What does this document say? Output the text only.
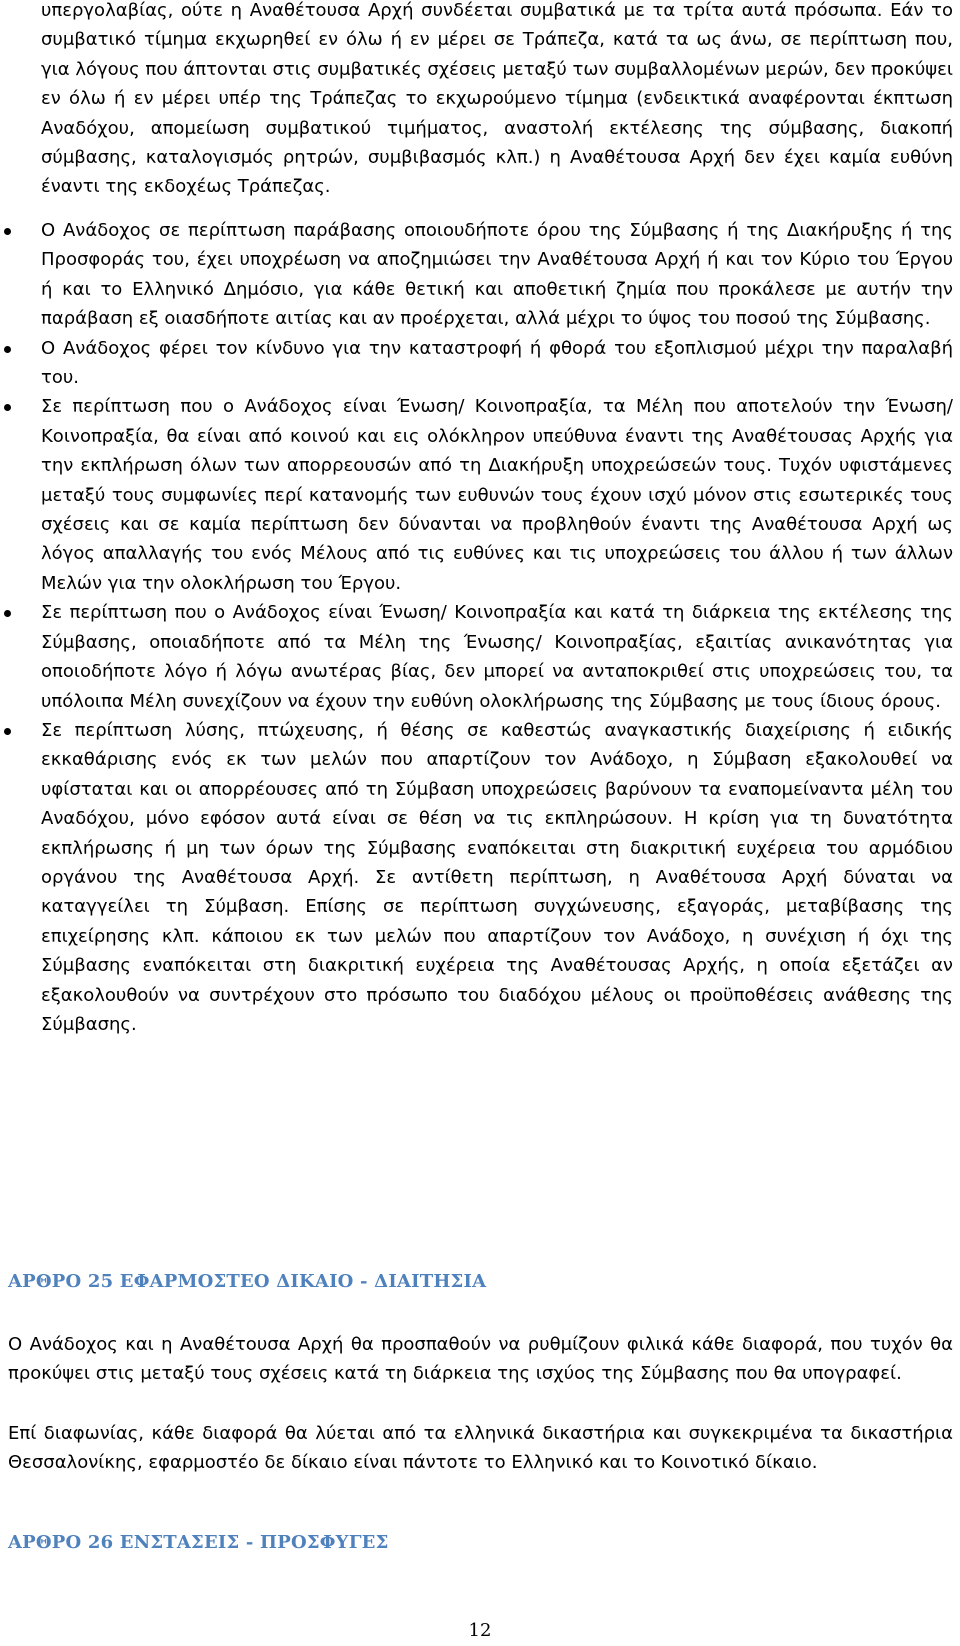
υπεργολαβίας, ούτε η Αναθέτουσα Αρχή συνδέεται συμβατικά με τα τρίτα αυτά πρόσωπα. Εάν το συμβατικό τίμημα εκχωρηθεί εν όλω ή εν μέρει σε Τράπεζα, κατά τα ως άνω, σε περίπτωση που, για λόγους που άπτονται στις συμβατικές σχέσεις μεταξύ των συμβαλλομένων μερών, δεν προκύψει εν όλω ή εν μέρει υπέρ της Τράπεζας το εκχωρούμενο τίμημα (ενδεικτικά αναφέρονται έκπτωση Αναδόχου, απομείωση συμβατικού τιμήματος, αναστολή εκτέλεσης της σύμβασης, διακοπή σύμβασης, καταλογισμός ρητρών, συμβιβασμός κλπ.) η Αναθέτουσα Αρχή δεν έχει καμία ευθύνη έναντι της εκδοχέως Τράπεζας.

Ο Ανάδοχος σε περίπτωση παράβασης οποιουδήποτε όρου της Σύμβασης ή της Διακήρυξης ή της Προσφοράς του, έχει υποχρέωση να αποζημιώσει την Αναθέτουσα Αρχή ή και τον Κύριο του Έργου ή και το Ελληνικό Δημόσιο, για κάθε θετική και αποθετική ζημία που προκάλεσε με αυτήν την παράβαση εξ οιασδήποτε αιτίας και αν προέρχεται, αλλά μέχρι το ύψος του ποσού της Σύμβασης.
Ο Ανάδοχος φέρει τον κίνδυνο για την καταστροφή ή φθορά του εξοπλισμού μέχρι την παραλαβή του.
Σε περίπτωση που ο Ανάδοχος είναι Ένωση/ Κοινοπραξία, τα Μέλη που αποτελούν την Ένωση/ Κοινοπραξία, θα είναι από κοινού και εις ολόκληρον υπεύθυνα έναντι της Αναθέτουσας Αρχής για την εκπλήρωση όλων των απορρεουσών από τη Διακήρυξη υποχρεώσεών τους. Τυχόν υφιστάμενες μεταξύ τους συμφωνίες περί κατανομής των ευθυνών τους έχουν ισχύ μόνον στις εσωτερικές τους σχέσεις και σε καμία περίπτωση δεν δύνανται να προβληθούν έναντι της Αναθέτουσα Αρχή ως λόγος απαλλαγής του ενός Μέλους από τις ευθύνες και τις υποχρεώσεις του άλλου ή των άλλων Μελών για την ολοκλήρωση του Έργου.
Σε περίπτωση που ο Ανάδοχος είναι Ένωση/ Κοινοπραξία και κατά τη διάρκεια της εκτέλεσης της Σύμβασης, οποιαδήποτε από τα Μέλη της Ένωσης/ Κοινοπραξίας, εξαιτίας ανικανότητας για οποιοδήποτε λόγο ή λόγω ανωτέρας βίας, δεν μπορεί να ανταποκριθεί στις υποχρεώσεις του, τα υπόλοιπα Μέλη συνεχίζουν να έχουν την ευθύνη ολοκλήρωσης της Σύμβασης με τους ίδιους όρους.
Σε περίπτωση λύσης, πτώχευσης, ή θέσης σε καθεστώς αναγκαστικής διαχείρισης ή ειδικής εκκαθάρισης ενός εκ των μελών που απαρτίζουν τον Ανάδοχο, η Σύμβαση εξακολουθεί να υφίσταται και οι απορρέουσες από τη Σύμβαση υποχρεώσεις βαρύνουν τα εναπομείναντα μέλη του Αναδόχου, μόνο εφόσον αυτά είναι σε θέση να τις εκπληρώσουν. Η κρίση για τη δυνατότητα εκπλήρωσης ή μη των όρων της Σύμβασης εναπόκειται στη διακριτική ευχέρεια του αρμόδιου οργάνου της Αναθέτουσα Αρχή. Σε αντίθετη περίπτωση, η Αναθέτουσα Αρχή δύναται να καταγγείλει τη Σύμβαση. Επίσης σε περίπτωση συγχώνευσης, εξαγοράς, μεταβίβασης της επιχείρησης κλπ. κάποιου εκ των μελών που απαρτίζουν τον Ανάδοχο, η συνέχιση ή όχι της Σύμβασης εναπόκειται στη διακριτική ευχέρεια της Αναθέτουσας Αρχής, η οποία εξετάζει αν εξακολουθούν να συντρέχουν στο πρόσωπο του διαδόχου μέλους οι προϋποθέσεις ανάθεσης της Σύμβασης.
ΑΡΘΡΟ 25 ΕΦΑΡΜΟΣΤΕΟ ΔΙΚΑΙΟ - ΔΙΑΙΤΗΣΙΑ

Ο Ανάδοχος και η Αναθέτουσα Αρχή θα προσπαθούν να ρυθμίζουν φιλικά κάθε διαφορά, που τυχόν θα προκύψει στις μεταξύ τους σχέσεις κατά τη διάρκεια της ισχύος της Σύμβασης που θα υπογραφεί.

Επί διαφωνίας, κάθε διαφορά θα λύεται από τα ελληνικά δικαστήρια και συγκεκριμένα τα δικαστήρια Θεσσαλονίκης, εφαρμοστέο δε δίκαιο είναι πάντοτε το Ελληνικό και το Κοινοτικό δίκαιο.

ΑΡΘΡΟ 26 ΕΝΣΤΑΣΕΙΣ - ΠΡΟΣΦΥΓΕΣ
12
